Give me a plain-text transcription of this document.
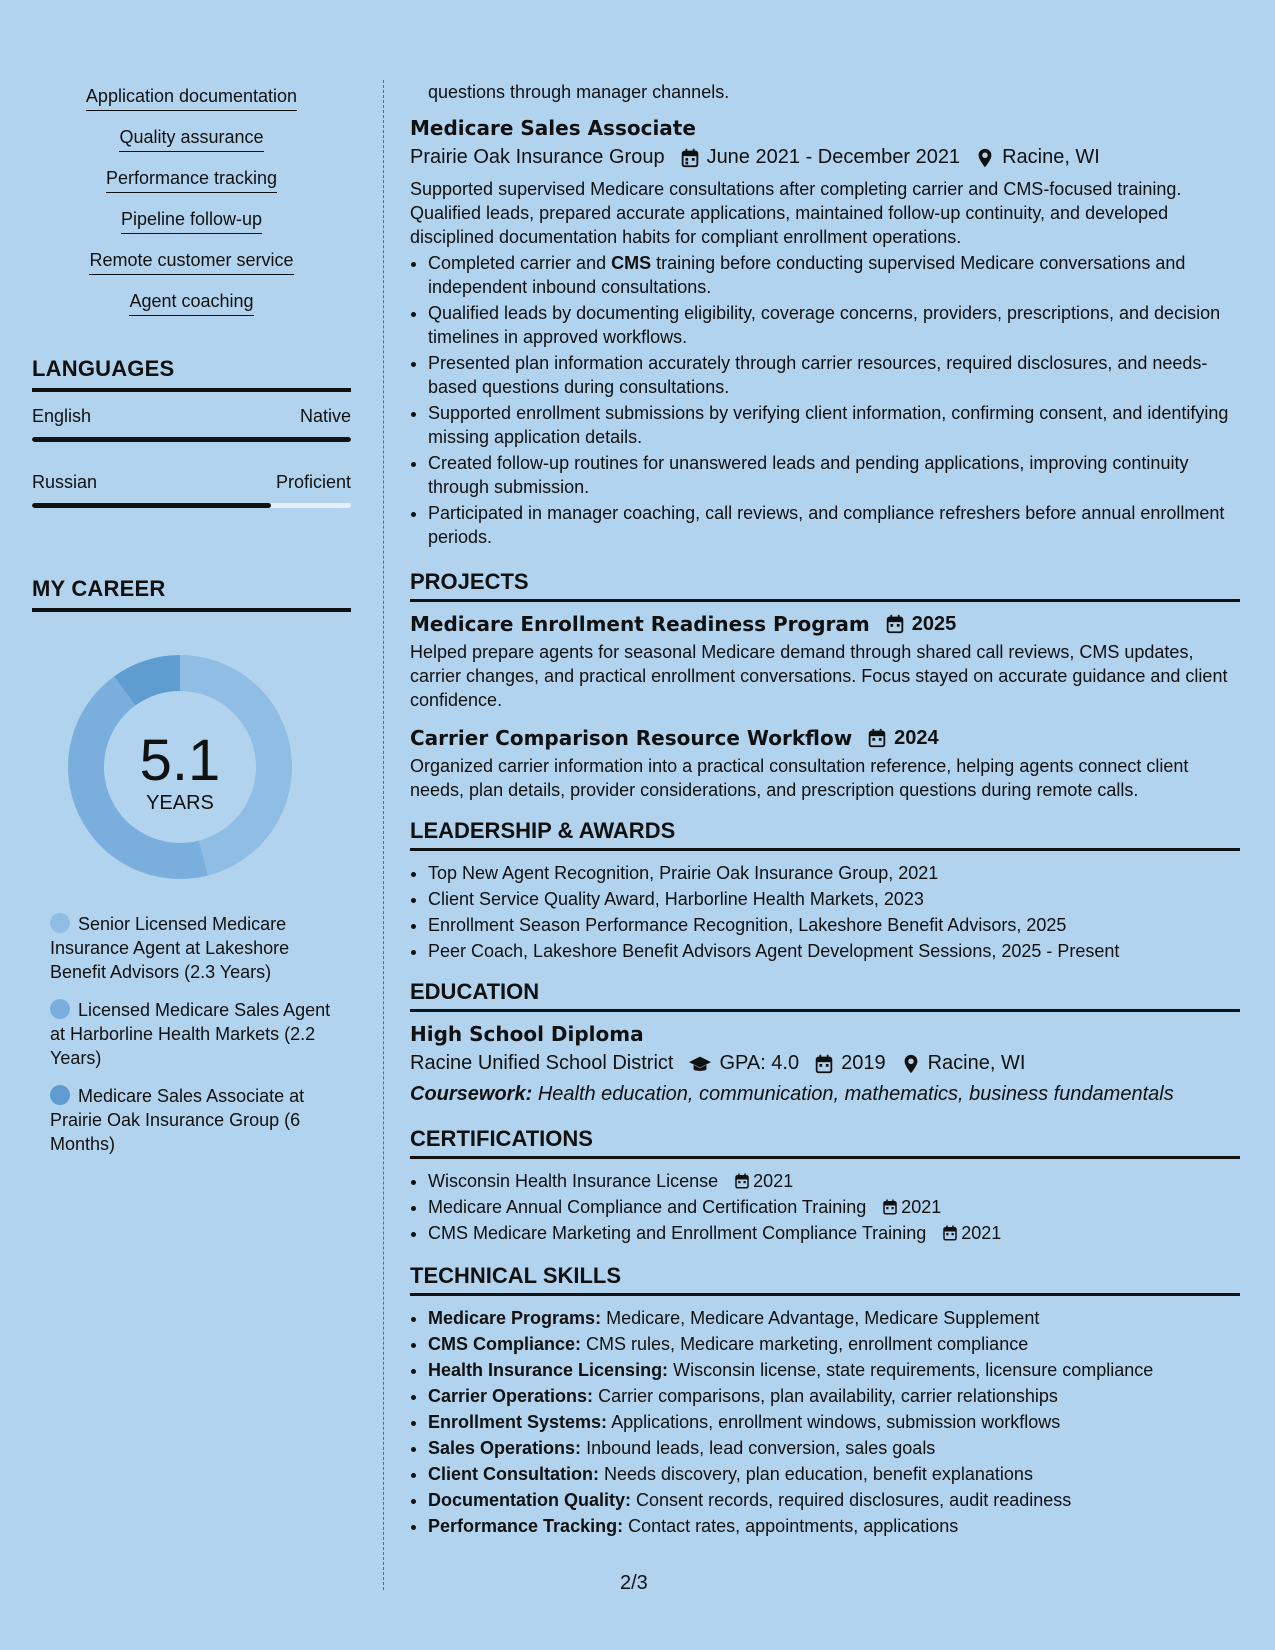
Application documentation
Quality assurance
Performance tracking
Pipeline follow-up
Remote customer service
Agent coaching
LANGUAGES
English	Native
Russian	Proficient
MY CAREER
5.1
YEARS
Senior Licensed Medicare Insurance Agent at Lakeshore Benefit Advisors (2.3 Years)
Licensed Medicare Sales Agent at Harborline Health Markets (2.2 Years)
Medicare Sales Associate at Prairie Oak Insurance Group (6 Months)

questions through manager channels.

Medicare Sales Associate
Prairie Oak Insurance Group June 2021 - December 2021 Racine, WI

Supported supervised Medicare consultations after completing carrier and CMS-focused training. Qualified leads, prepared accurate applications, maintained follow-up continuity, and developed disciplined documentation habits for compliant enrollment operations.

• Completed carrier and CMS training before conducting supervised Medicare conversations and independent inbound consultations.
• Qualified leads by documenting eligibility, coverage concerns, providers, prescriptions, and decision timelines in approved workflows.
• Presented plan information accurately through carrier resources, required disclosures, and needs-based questions during consultations.
• Supported enrollment submissions by verifying client information, confirming consent, and identifying missing application details.
• Created follow-up routines for unanswered leads and pending applications, improving continuity through submission.
• Participated in manager coaching, call reviews, and compliance refreshers before annual enrollment periods.
PROJECTS
Medicare Enrollment Readiness Program 2025

Helped prepare agents for seasonal Medicare demand through shared call reviews, CMS updates, carrier changes, and practical enrollment conversations. Focus stayed on accurate guidance and client confidence.

Carrier Comparison Resource Workflow 2024

Organized carrier information into a practical consultation reference, helping agents connect client needs, plan details, provider considerations, and prescription questions during remote calls.

LEADERSHIP & AWARDS
• Top New Agent Recognition, Prairie Oak Insurance Group, 2021
• Client Service Quality Award, Harborline Health Markets, 2023
• Enrollment Season Performance Recognition, Lakeshore Benefit Advisors, 2025
• Peer Coach, Lakeshore Benefit Advisors Agent Development Sessions, 2025 - Present
EDUCATION
High School Diploma
Racine Unified School District GPA: 4.0 2019 Racine, WI
Coursework: Health education, communication, mathematics, business fundamentals
CERTIFICATIONS
• Wisconsin Health Insurance License 2021
• Medicare Annual Compliance and Certification Training 2021
• CMS Medicare Marketing and Enrollment Compliance Training 2021
TECHNICAL SKILLS
• Medicare Programs: Medicare, Medicare Advantage, Medicare Supplement
• CMS Compliance: CMS rules, Medicare marketing, enrollment compliance
• Health Insurance Licensing: Wisconsin license, state requirements, licensure compliance
• Carrier Operations: Carrier comparisons, plan availability, carrier relationships
• Enrollment Systems: Applications, enrollment windows, submission workflows
• Sales Operations: Inbound leads, lead conversion, sales goals
• Client Consultation: Needs discovery, plan education, benefit explanations
• Documentation Quality: Consent records, required disclosures, audit readiness
• Performance Tracking: Contact rates, appointments, applications
2/3
